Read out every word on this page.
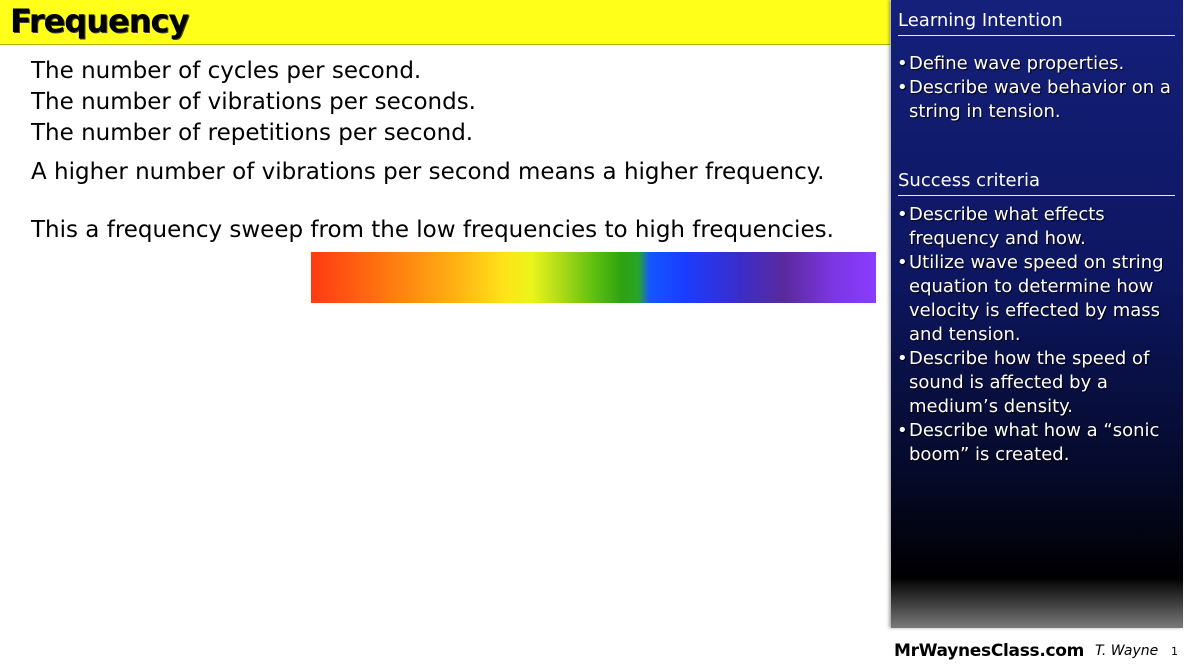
Frequency
The number of cycles per second.
The number of vibrations per seconds.
The number of repetitions per second.
A higher number of vibrations per second means a higher frequency.
This a frequency sweep from the low frequencies to high frequencies.
Learning Intention
• Define wave properties.
• Describe wave behavior on a string in tension.
Success criteria
• Describe what effects frequency and how.
• Utilize wave speed on string equation to determine how velocity is effected by mass and tension.
• Describe how the speed of sound is affected by a medium’s density.
• Describe what how a “sonic boom” is created.
MrWaynesClass.com T. Wayne 1
